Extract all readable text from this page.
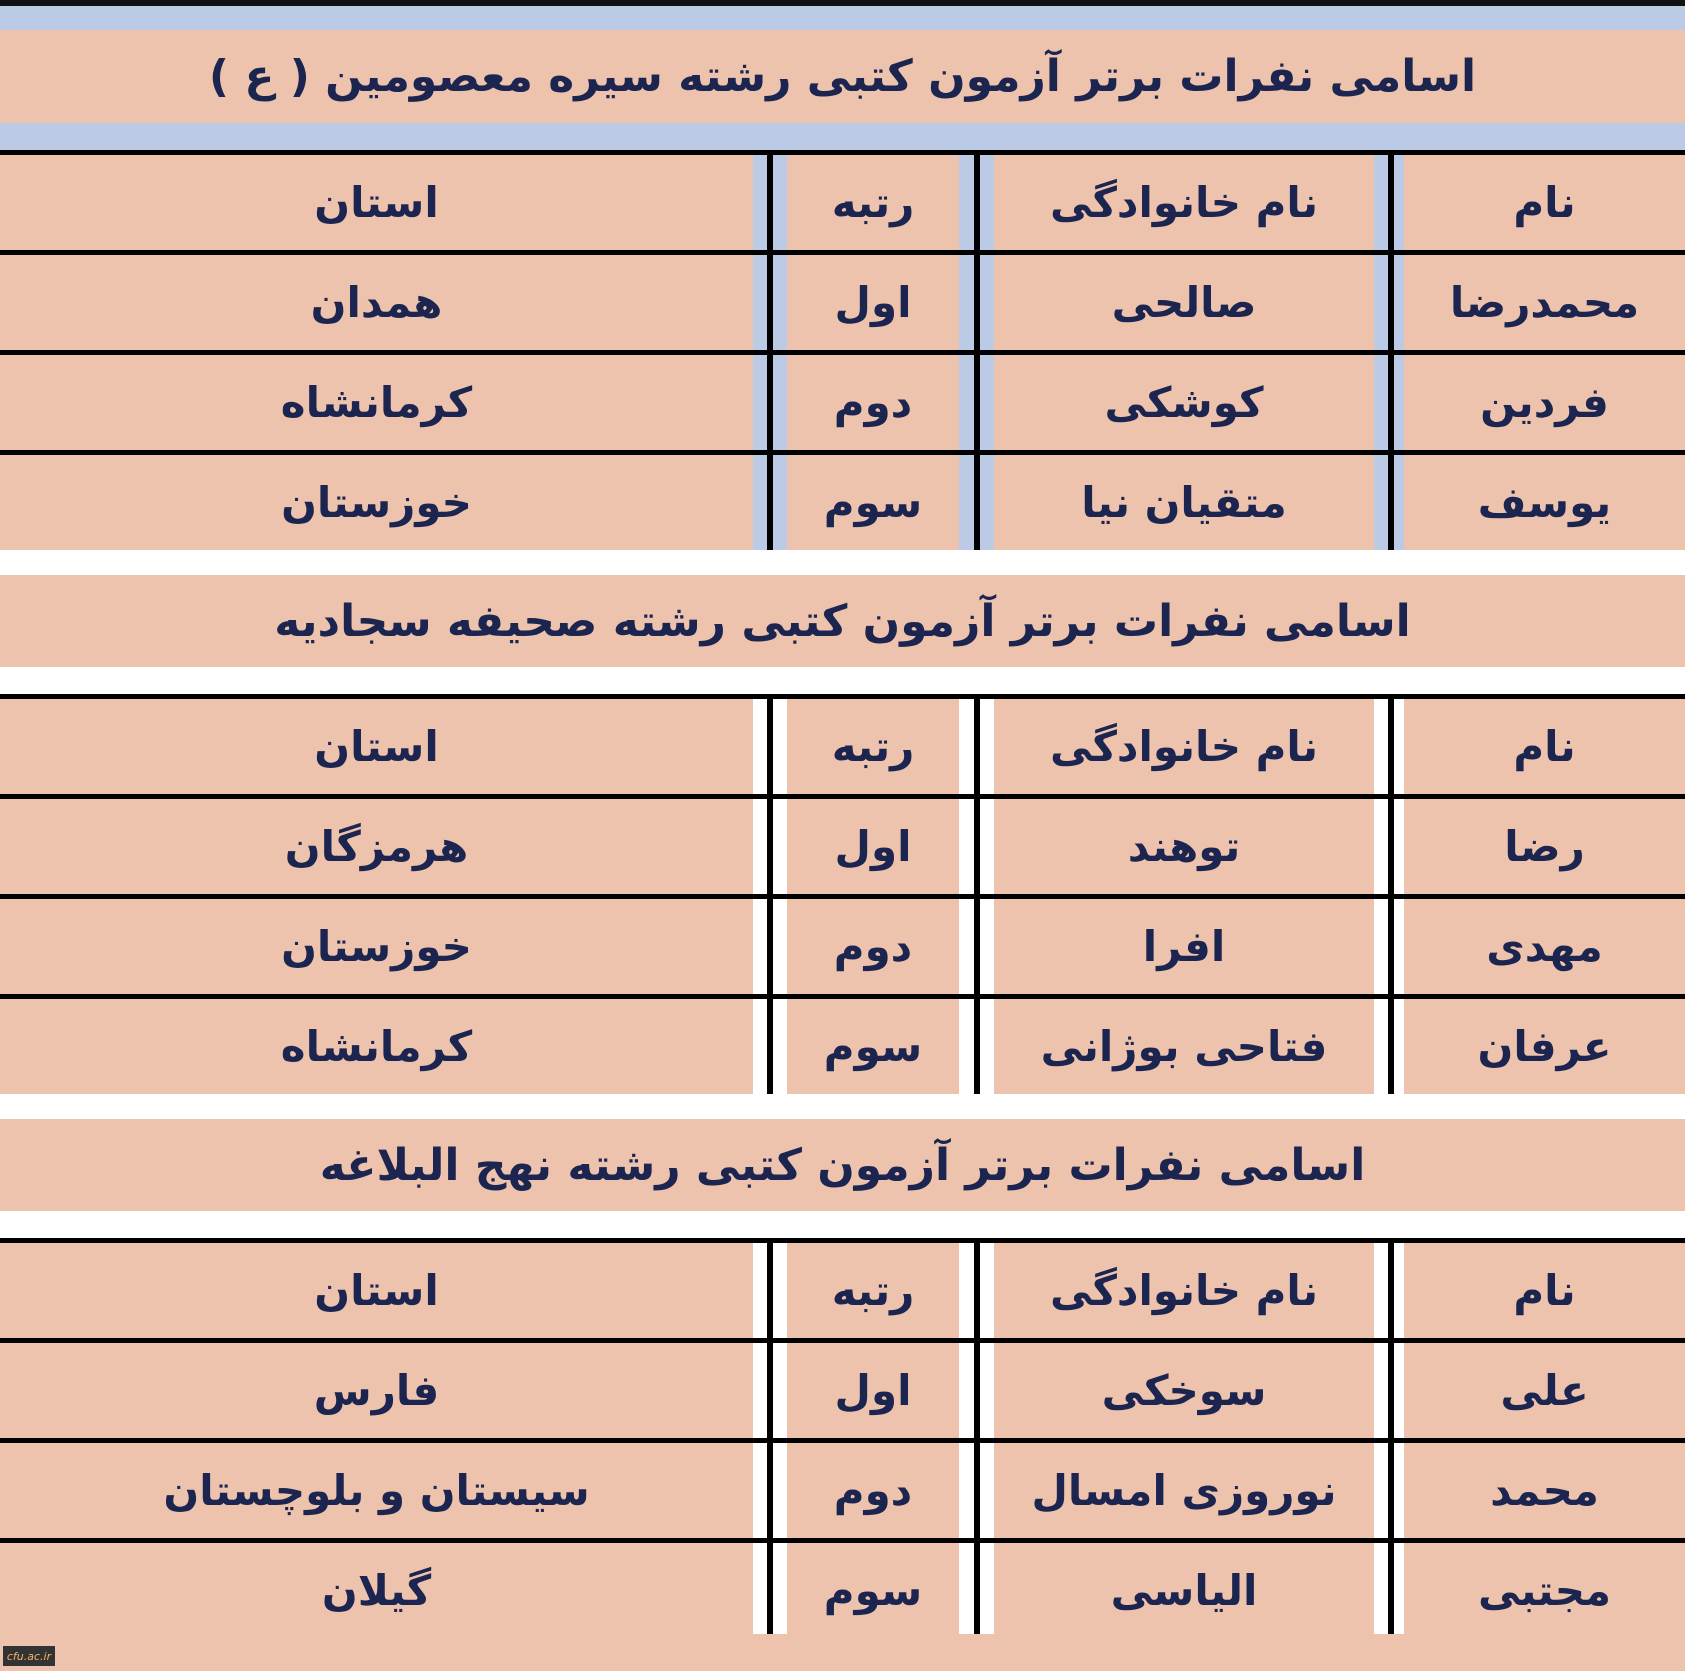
اسامی نفرات برتر آزمون کتبی رشته سیره معصومین ( ع )
نام
نام خانوادگی
رتبه
استان
محمدرضا
صالحی
اول
همدان
فردین
کوشکی
دوم
کرمانشاه
یوسف
متقیان نیا
سوم
خوزستان
اسامی نفرات برتر آزمون کتبی رشته صحیفه سجادیه
نام
نام خانوادگی
رتبه
استان
رضا
توهند
اول
هرمزگان
مهدی
افرا
دوم
خوزستان
عرفان
فتاحی بوژانی
سوم
کرمانشاه
اسامی نفرات برتر آزمون کتبی رشته نهج البلاغه
نام
نام خانوادگی
رتبه
استان
علی
سوخکی
اول
فارس
محمد
نوروزی امسال
دوم
سیستان و بلوچستان
مجتبی
الیاسی
سوم
گیلان
cfu.ac.ir
